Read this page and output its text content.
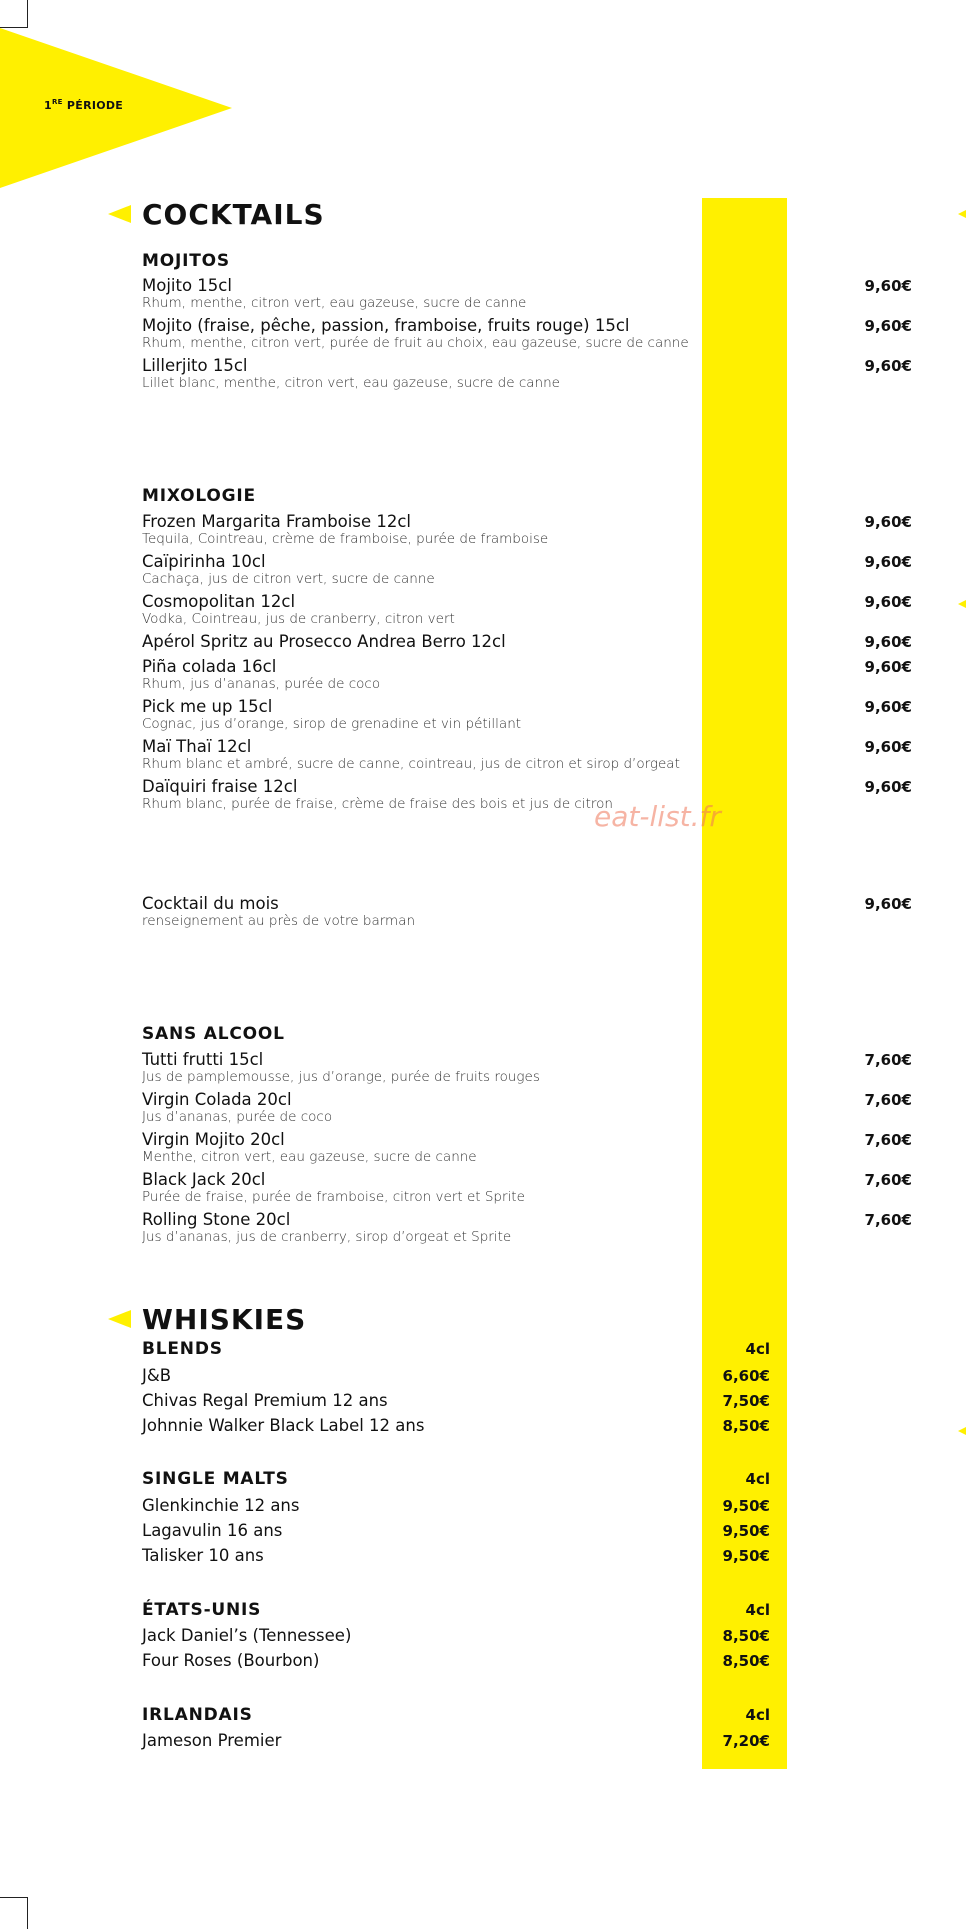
1RE PÉRIODE
COCKTAILS
MOJITOS
Mojito 15cl
Rhum, menthe, citron vert, eau gazeuse, sucre de canne
9,60€
Mojito (fraise, pêche, passion, framboise, fruits rouge) 15cl
Rhum, menthe, citron vert, purée de fruit au choix, eau gazeuse, sucre de canne
9,60€
Lillerjito 15cl
Lillet blanc, menthe, citron vert, eau gazeuse, sucre de canne
9,60€
MIXOLOGIE
Frozen Margarita Framboise 12cl
Tequila, Cointreau, crème de framboise, purée de framboise
9,60€
Caïpirinha 10cl
Cachaça, jus de citron vert, sucre de canne
9,60€
Cosmopolitan 12cl
Vodka, Cointreau, jus de cranberry, citron vert
9,60€
Apérol Spritz au Prosecco Andrea Berro 12cl	9,60€
Piña colada 16cl
Rhum, jus d’ananas, purée de coco
9,60€
Pick me up 15cl
Cognac, jus d’orange, sirop de grenadine et vin pétillant
9,60€
Maï Thaï 12cl
Rhum blanc et ambré, sucre de canne, cointreau, jus de citron et sirop d’orgeat
9,60€
Daïquiri fraise 12cl
Rhum blanc, purée de fraise, crème de fraise des bois et jus de citron
9,60€
eat-list.fr
Cocktail du mois
renseignement au près de votre barman
9,60€
SANS ALCOOL
Tutti frutti 15cl
Jus de pamplemousse, jus d’orange, purée de fruits rouges
7,60€
Virgin Colada 20cl
Jus d’ananas, purée de coco
7,60€
Virgin Mojito 20cl
Menthe, citron vert, eau gazeuse, sucre de canne
7,60€
Black Jack 20cl
Purée de fraise, purée de framboise, citron vert et Sprite
7,60€
Rolling Stone 20cl
Jus d’ananas, jus de cranberry, sirop d’orgeat et Sprite
7,60€
WHISKIES
BLENDS	4cl
J&B	6,60€
Chivas Regal Premium 12 ans	7,50€
Johnnie Walker Black Label 12 ans	8,50€
SINGLE MALTS	4cl
Glenkinchie 12 ans	9,50€
Lagavulin 16 ans	9,50€
Talisker 10 ans	9,50€
ÉTATS-UNIS	4cl
Jack Daniel’s (Tennessee)	8,50€
Four Roses (Bourbon)	8,50€
IRLANDAIS	4cl
Jameson Premier	7,20€
